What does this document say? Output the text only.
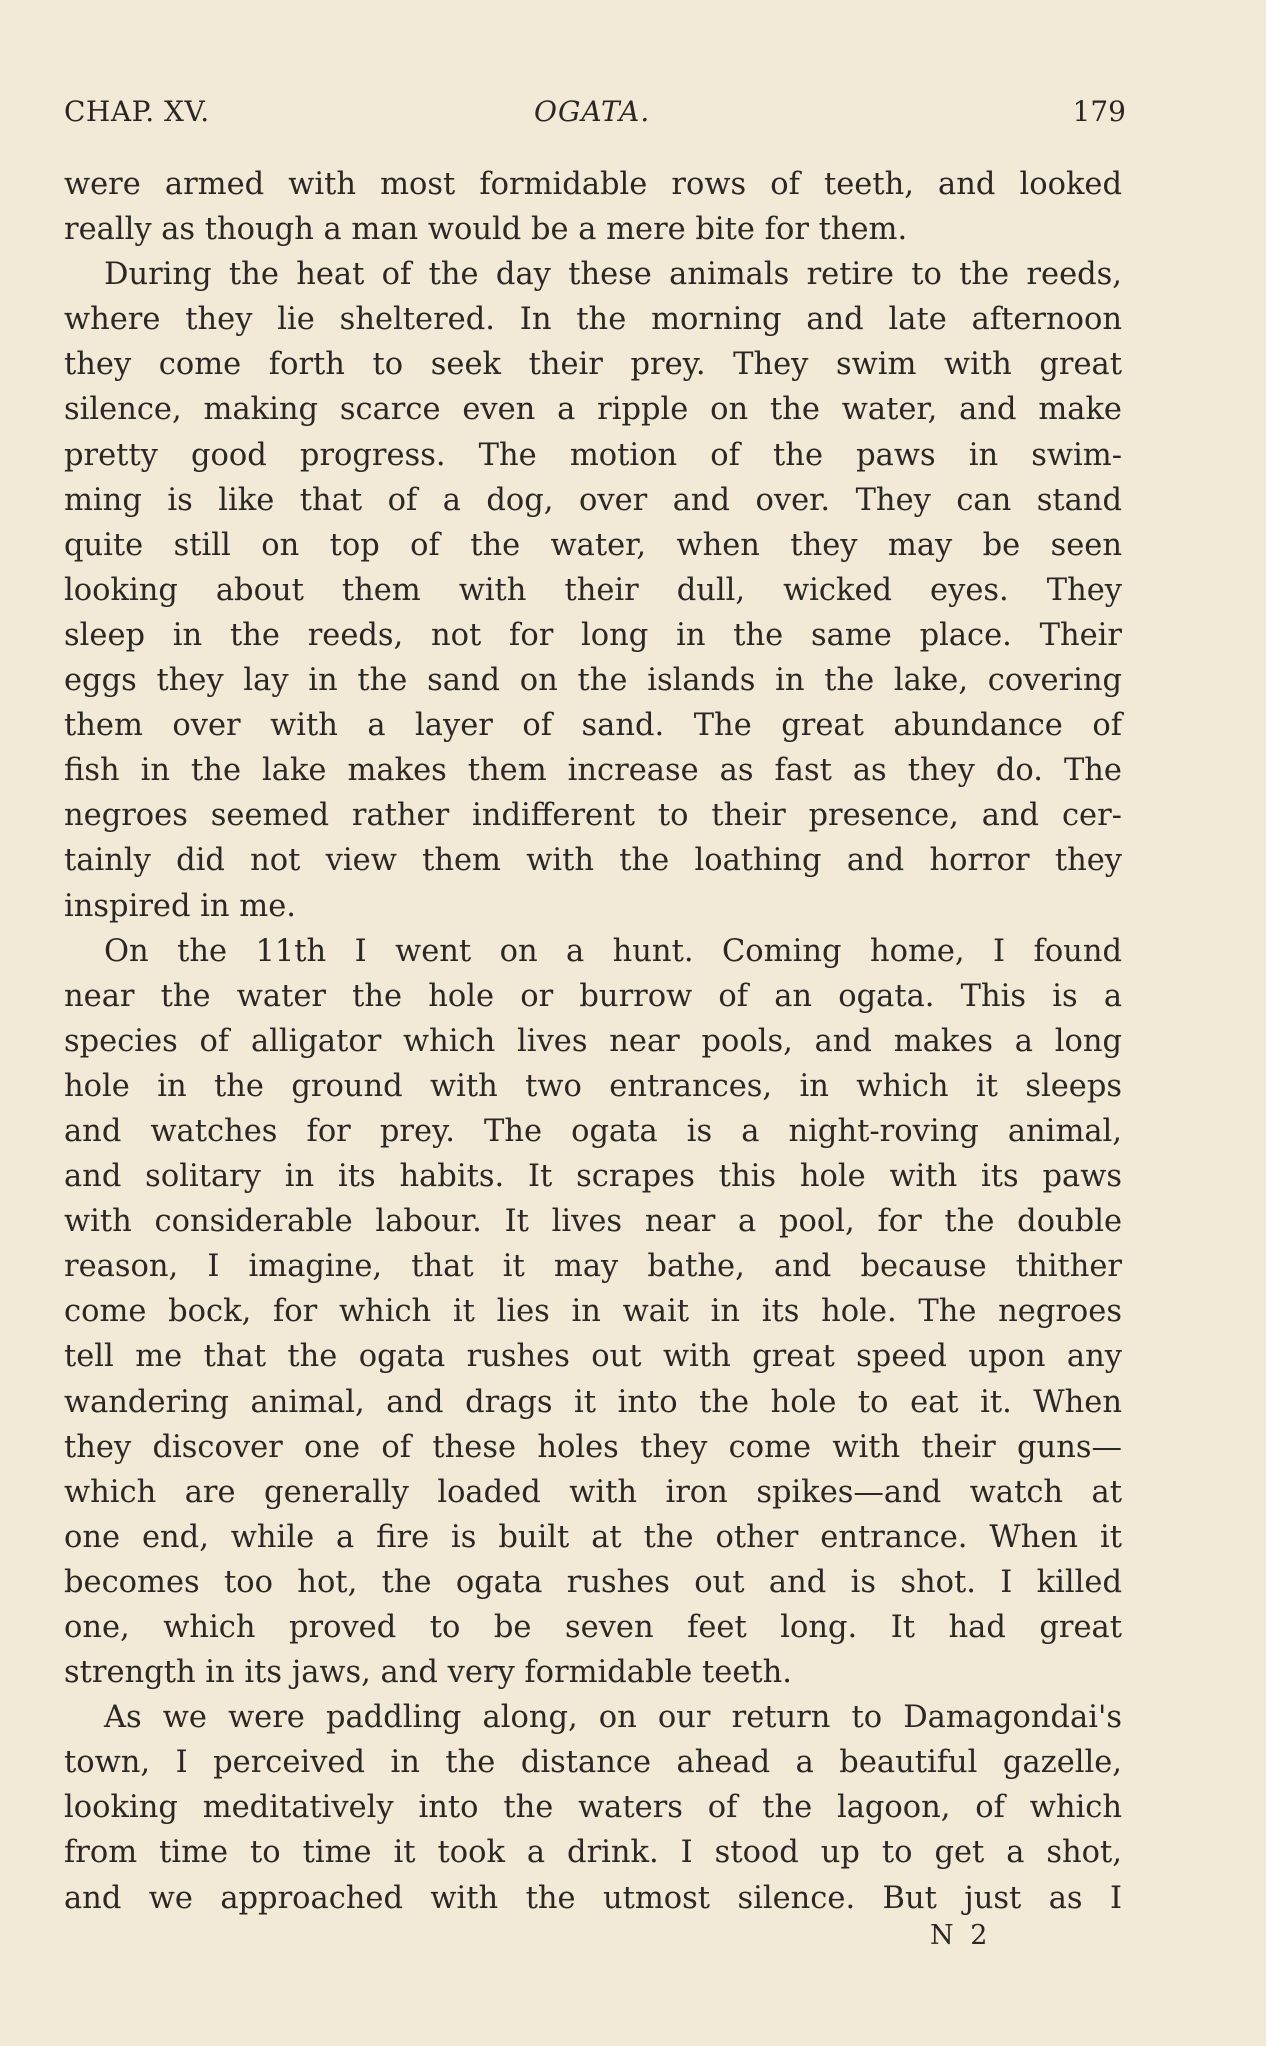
CHAP. XV.	OGATA.	179
were armed with most formidable rows of teeth, and looked
really as though a man would be a mere bite for them.
During the heat of the day these animals retire to the reeds,
where they lie sheltered. In the morning and late afternoon
they come forth to seek their prey. They swim with great
silence, making scarce even a ripple on the water, and make
pretty good progress. The motion of the paws in swim-
ming is like that of a dog, over and over. They can stand
quite still on top of the water, when they may be seen
looking about them with their dull, wicked eyes. They
sleep in the reeds, not for long in the same place. Their
eggs they lay in the sand on the islands in the lake, covering
them over with a layer of sand. The great abundance of
fish in the lake makes them increase as fast as they do. The
negroes seemed rather indifferent to their presence, and cer-
tainly did not view them with the loathing and horror they
inspired in me.
On the 11th I went on a hunt. Coming home, I found
near the water the hole or burrow of an ogata. This is a
species of alligator which lives near pools, and makes a long
hole in the ground with two entrances, in which it sleeps
and watches for prey. The ogata is a night-roving animal,
and solitary in its habits. It scrapes this hole with its paws
with considerable labour. It lives near a pool, for the double
reason, I imagine, that it may bathe, and because thither
come bock, for which it lies in wait in its hole. The negroes
tell me that the ogata rushes out with great speed upon any
wandering animal, and drags it into the hole to eat it. When
they discover one of these holes they come with their guns—
which are generally loaded with iron spikes—and watch at
one end, while a fire is built at the other entrance. When it
becomes too hot, the ogata rushes out and is shot. I killed
one, which proved to be seven feet long. It had great
strength in its jaws, and very formidable teeth.
As we were paddling along, on our return to Damagondai's
town, I perceived in the distance ahead a beautiful gazelle,
looking meditatively into the waters of the lagoon, of which
from time to time it took a drink. I stood up to get a shot,
and we approached with the utmost silence. But just as I
N 2
